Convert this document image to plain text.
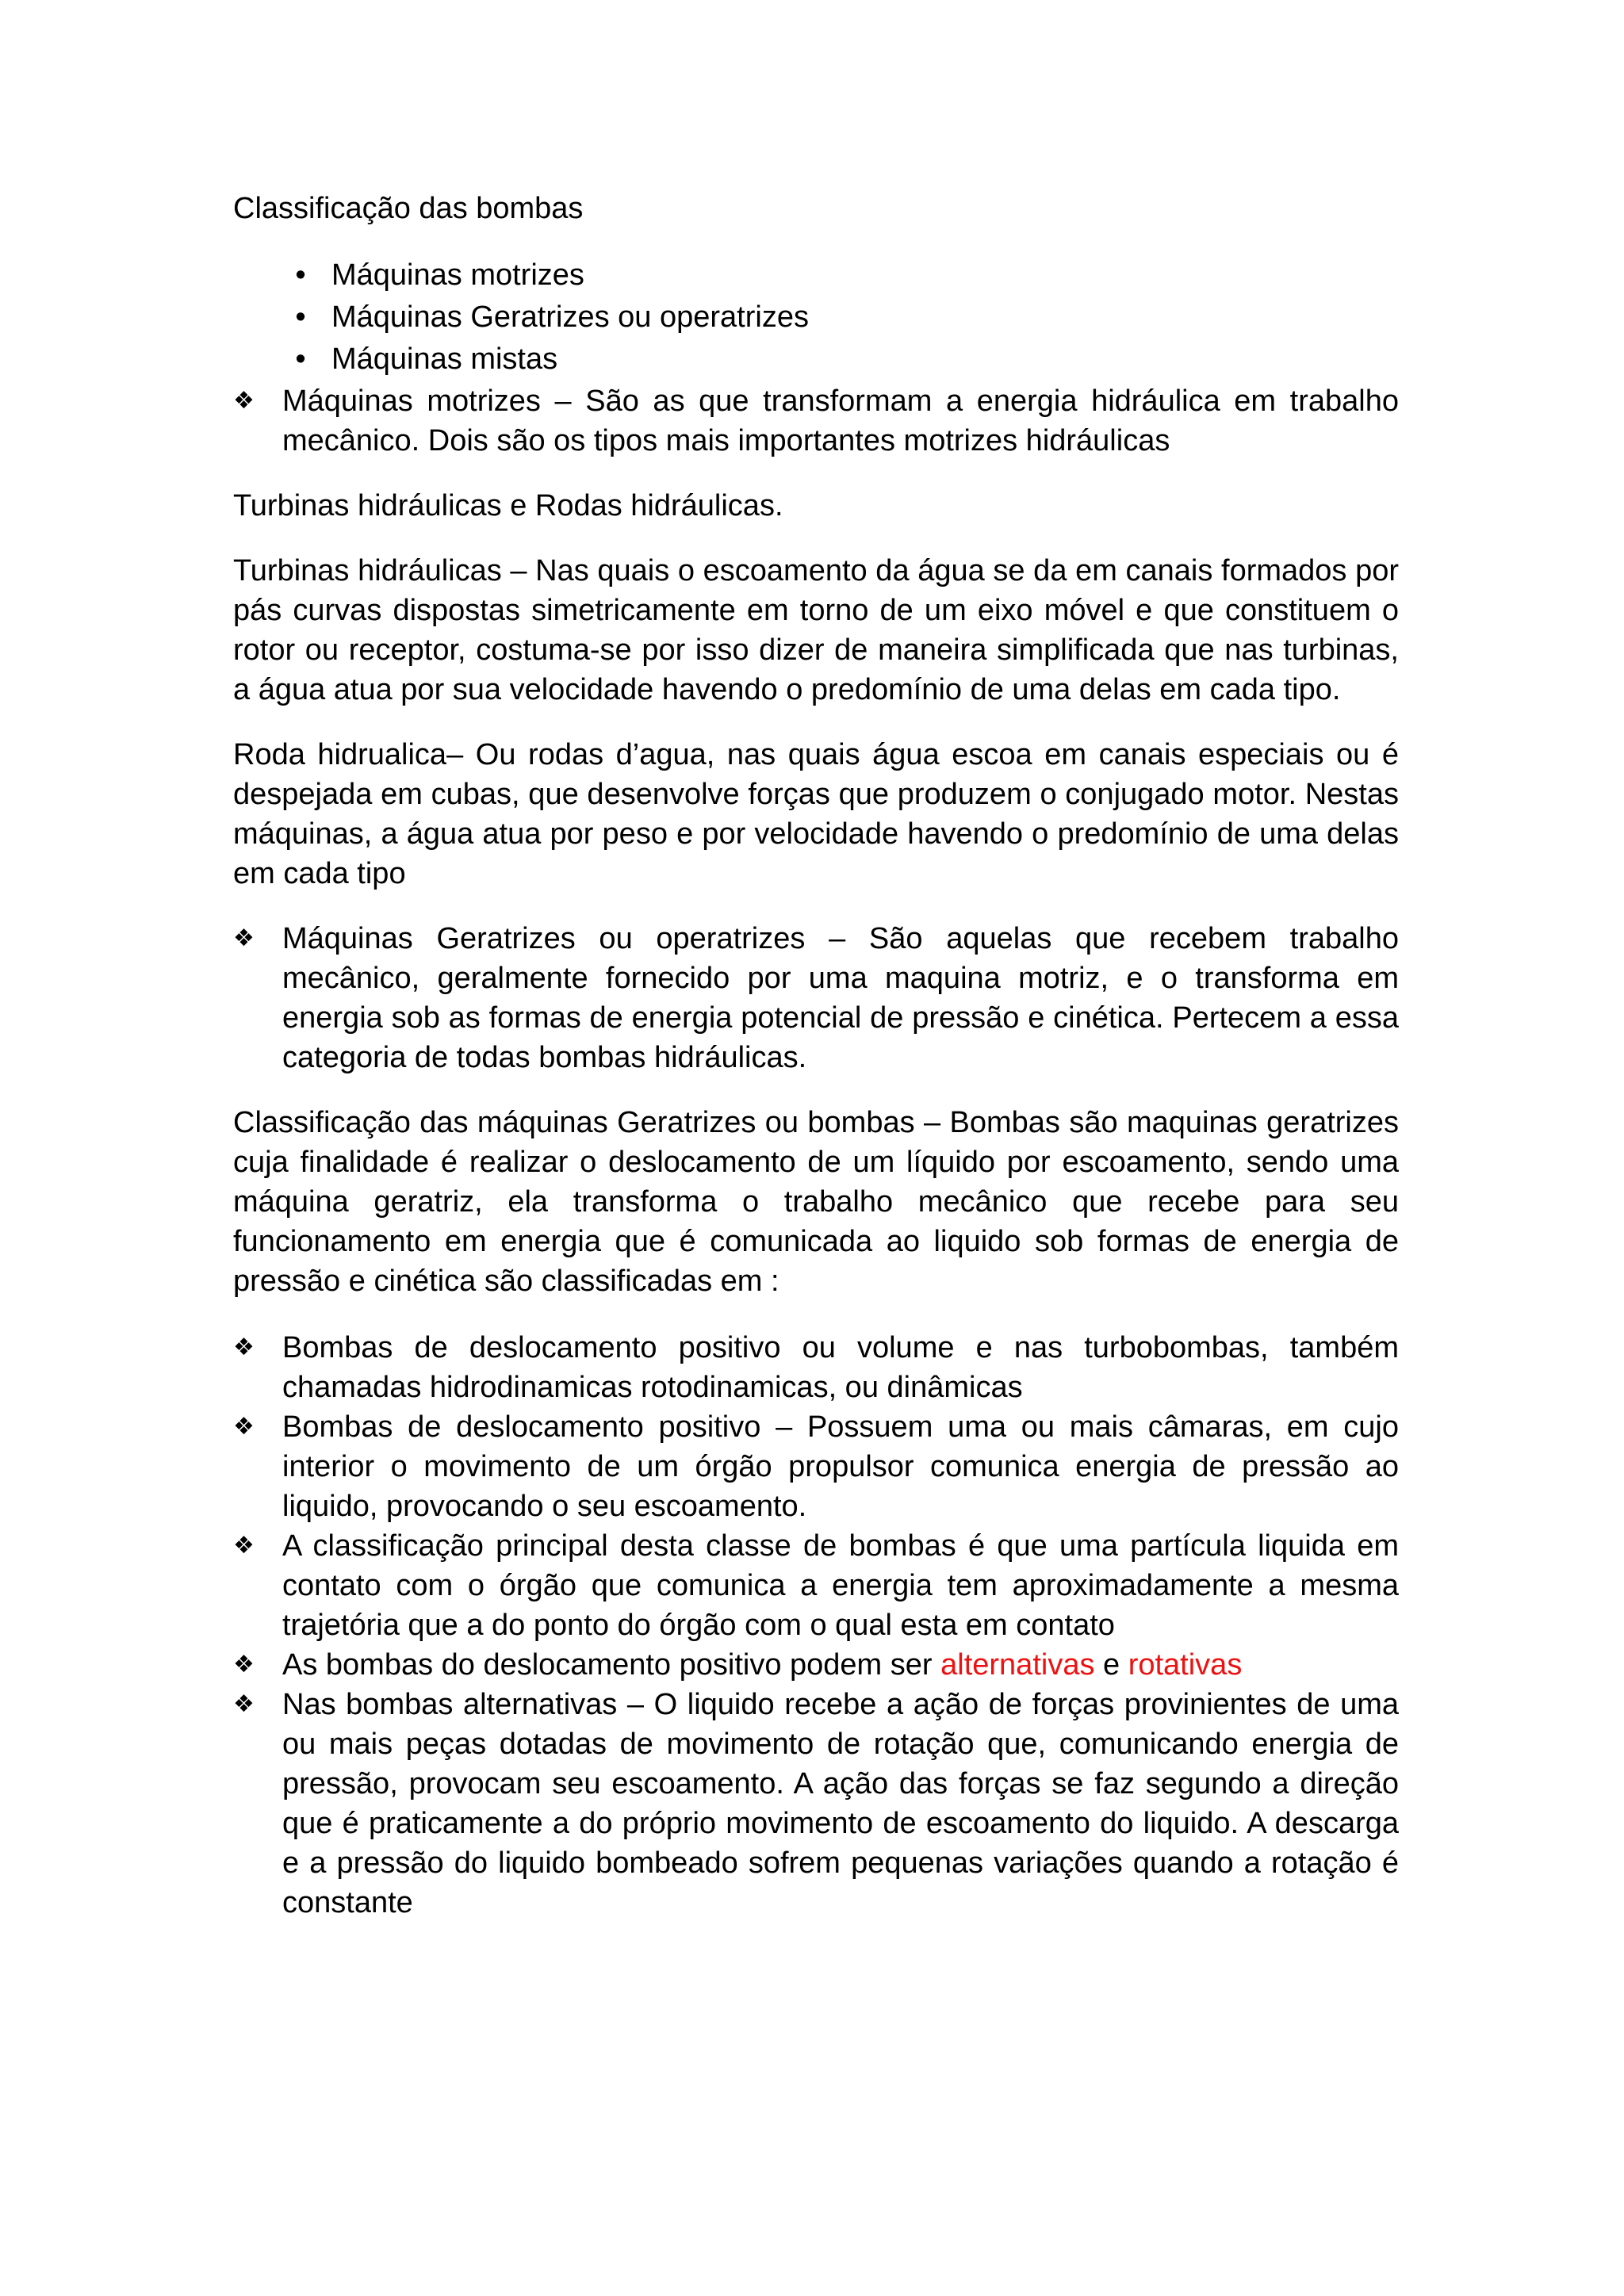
Classificação das bombas

• Máquinas motrizes
• Máquinas Geratrizes ou operatrizes
• Máquinas mistas
❖ Máquinas motrizes – São as que transformam a energia hidráulica em trabalho mecânico. Dois são os tipos mais importantes motrizes hidráulicas

Turbinas hidráulicas e Rodas hidráulicas.

Turbinas hidráulicas – Nas quais o escoamento da água se da em canais formados por pás curvas dispostas simetricamente em torno de um eixo móvel e que constituem o rotor ou receptor, costuma-se por isso dizer de maneira simplificada que nas turbinas, a água atua por sua velocidade havendo o predomínio de uma delas em cada tipo.

Roda hidrualica– Ou rodas d’agua, nas quais água escoa em canais especiais ou é despejada em cubas, que desenvolve forças que produzem o conjugado motor. Nestas máquinas, a água atua por peso e por velocidade havendo o predomínio de uma delas em cada tipo

❖ Máquinas Geratrizes ou operatrizes – São aquelas que recebem trabalho mecânico, geralmente fornecido por uma maquina motriz, e o transforma em energia sob as formas de energia potencial de pressão e cinética. Pertecem a essa categoria de todas bombas hidráulicas.

Classificação das máquinas Geratrizes ou bombas – Bombas são maquinas geratrizes cuja finalidade é realizar o deslocamento de um líquido por escoamento, sendo uma máquina geratriz, ela transforma o trabalho mecânico que recebe para seu funcionamento em energia que é comunicada ao liquido sob formas de energia de pressão e cinética são classificadas em :

❖ Bombas de deslocamento positivo ou volume e nas turbobombas, também chamadas hidrodinamicas rotodinamicas, ou dinâmicas
❖ Bombas de deslocamento positivo – Possuem uma ou mais câmaras, em cujo interior o movimento de um órgão propulsor comunica energia de pressão ao liquido, provocando o seu escoamento.
❖ A classificação principal desta classe de bombas é que uma partícula liquida em contato com o órgão que comunica a energia tem aproximadamente a mesma trajetória que a do ponto do órgão com o qual esta em contato
❖ As bombas do deslocamento positivo podem ser alternativas e rotativas
❖ Nas bombas alternativas – O liquido recebe a ação de forças provinientes de uma ou mais peças dotadas de movimento de rotação que, comunicando energia de pressão, provocam seu escoamento. A ação das forças se faz segundo a direção que é praticamente a do próprio movimento de escoamento do liquido. A descarga e a pressão do liquido bombeado sofrem pequenas variações quando a rotação é constante
